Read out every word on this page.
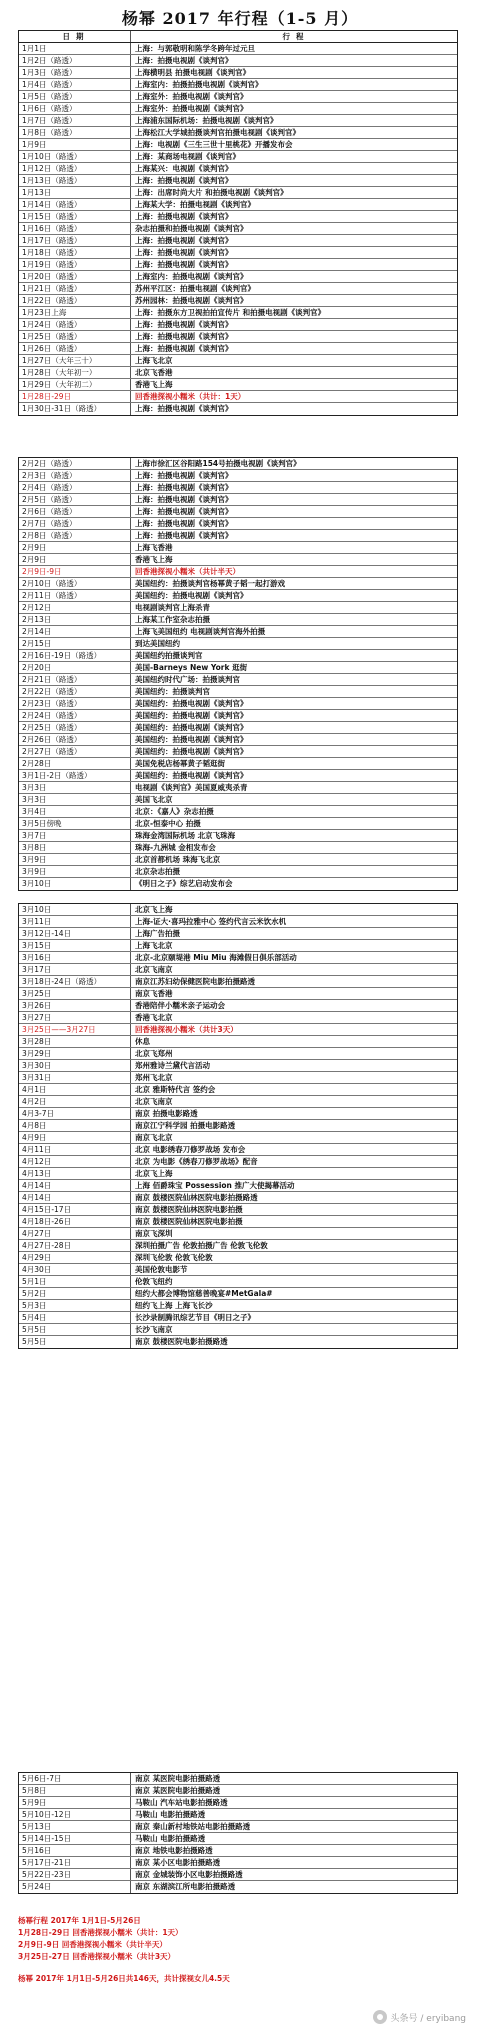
杨幂 2017 年行程（1-5 月）
日期	行程
1月1日	上海：与郭敬明和陈学冬跨年过元旦
1月2日（路透）	上海：拍摄电视剧《谈判官》
1月3日（路透）	上海横明县 拍摄电视剧《谈判官》
1月4日（路透）	上海室内：拍摄拍摄电视剧《谈判官》
1月5日（路透）	上海室外：拍摄电视剧《谈判官》
1月6日（路透）	上海室外：拍摄电视剧《谈判官》
1月7日（路透）	上海浦东国际机场：拍摄电视剧《谈判官》
1月8日（路透）	上海松江大学城拍摄谈判官拍摄电视剧《谈判官》
1月9日	上海：电视剧《三生三世十里桃花》开播发布会
1月10日（路透）	上海：某商场电视剧《谈判官》
1月12日（路透）	上海某兴：电视剧《谈判官》
1月13日（路透）	上海：拍摄电视剧《谈判官》
1月13日	上海：出席时尚大片 和拍摄电视剧《谈判官》
1月14日（路透）	上海某大学：拍摄电视剧《谈判官》
1月15日（路透）	上海：拍摄电视剧《谈判官》
1月16日（路透）	杂志拍摄和拍摄电视剧《谈判官》
1月17日（路透）	上海：拍摄电视剧《谈判官》
1月18日（路透）	上海：拍摄电视剧《谈判官》
1月19日（路透）	上海：拍摄电视剧《谈判官》
1月20日（路透）	上海室内：拍摄电视剧《谈判官》
1月21日（路透）	苏州平江区：拍摄电视剧《谈判官》
1月22日（路透）	苏州园林：拍摄电视剧《谈判官》
1月23日上海	上海：拍摄东方卫视拍拍宣传片 和拍摄电视剧《谈判官》
1月24日（路透）	上海：拍摄电视剧《谈判官》
1月25日（路透）	上海：拍摄电视剧《谈判官》
1月26日（路透）	上海：拍摄电视剧《谈判官》
1月27日（大年三十）	上海飞北京
1月28日（大年初一）	北京飞香港
1月29日（大年初二）	香港飞上海
1月28日-29日	回香港探视小糯米（共计：1天）
1月30日-31日（路透）	上海：拍摄电视剧《谈判官》
2月2日（路透）	上海市徐汇区谷阳路154号拍摄电视剧《谈判官》
2月3日（路透）	上海：拍摄电视剧《谈判官》
2月4日（路透）	上海：拍摄电视剧《谈判官》
2月5日（路透）	上海：拍摄电视剧《谈判官》
2月6日（路透）	上海：拍摄电视剧《谈判官》
2月7日（路透）	上海：拍摄电视剧《谈判官》
2月8日（路透）	上海：拍摄电视剧《谈判官》
2月9日	上海飞香港
2月9日	香港飞上海
2月9日-9日	回香港探视小糯米（共计半天）
2月10日（路透）	美国纽约：拍摄谈判官杨幂黄子韬一起打游戏
2月11日（路透）	美国纽约：拍摄电视剧《谈判官》
2月12日	电视剧谈判官上海杀青
2月13日	上海某工作室杂志拍摄
2月14日	上海飞美国纽约 电视剧谈判官海外拍摄
2月15日	到达美国纽约
2月16日-19日（路透）	美国纽约拍摄谈判官
2月20日	美国-Barneys New York 逛街
2月21日（路透）	美国纽约时代广场：拍摄谈判官
2月22日（路透）	美国纽约：拍摄谈判官
2月23日（路透）	美国纽约：拍摄电视剧《谈判官》
2月24日（路透）	美国纽约：拍摄电视剧《谈判官》
2月25日（路透）	美国纽约：拍摄电视剧《谈判官》
2月26日（路透）	美国纽约：拍摄电视剧《谈判官》
2月27日（路透）	美国纽约：拍摄电视剧《谈判官》
2月28日	美国免税店杨幂黄子韬逛街
3月1日-2日（路透）	美国纽约：拍摄电视剧《谈判官》
3月3日	电视剧《谈判官》美国夏威夷杀青
3月3日	美国飞北京
3月4日	北京：《嘉人》杂志拍摄
3月5日傍晚	北京-恒泰中心 拍摄
3月7日	珠海金湾国际机场 北京飞珠海
3月8日	珠海-九洲城 金相发布会
3月9日	北京首都机场 珠海飞北京
3月9日	北京杂志拍摄
3月10日	《明日之子》综艺启动发布会
3月10日	北京飞上海
3月11日	上海-证大·喜玛拉雅中心 签约代言云米饮水机
3月12日-14日	上海广告拍摄
3月15日	上海飞北京
3月16日	北京-北京颐堤港 Miu Miu 海滩假日俱乐部活动
3月17日	北京飞南京
3月18日-24日（路透）	南京江苏妇幼保健医院电影拍摄路透
3月25日	南京飞香港
3月26日	香港陪伴小糯米亲子运动会
3月27日	香港飞北京
3月25日——3月27日	回香港探视小糯米（共计3天）
3月28日	休息
3月29日	北京飞郑州
3月30日	郑州雅诗兰黛代言活动
3月31日	郑州飞北京
4月1日	北京 雅斯特代言 签约会
4月2日	北京飞南京
4月3-7日	南京 拍摄电影路透
4月8日	南京江宁科学园 拍摄电影路透
4月9日	南京飞北京
4月11日	北京 电影绣春刀修罗战场 发布会
4月12日	北京 为电影《绣春刀修罗战场》配音
4月13日	北京飞上海
4月14日	上海 佰爵珠宝 Possession 推广大使揭幕活动
4月14日	南京 鼓楼医院仙林医院电影拍摄路透
4月15日-17日	南京 鼓楼医院仙林医院电影拍摄
4月18日-26日	南京 鼓楼医院仙林医院电影拍摄
4月27日	南京飞深圳
4月27日-28日	深圳拍摄广告 伦敦拍摄广告 伦敦飞伦敦
4月29日	深圳飞伦敦 伦敦飞伦敦
4月30日	美国伦敦电影节
5月1日	伦敦飞纽约
5月2日	纽约大都会博物馆慈善晚宴#MetGala#
5月3日	纽约飞上海 上海飞长沙
5月4日	长沙录制腾讯综艺节目《明日之子》
5月5日	长沙飞南京
5月5日	南京 鼓楼医院电影拍摄路透
5月6日-7日	南京 某医院电影拍摄路透
5月8日	南京 某医院电影拍摄路透
5月9日	马鞍山 汽车站电影拍摄路透
5月10日-12日	马鞍山 电影拍摄路透
5月13日	南京 秦山新村地铁站电影拍摄路透
5月14日-15日	马鞍山 电影拍摄路透
5月16日	南京 地铁电影拍摄路透
5月17日-21日	南京 某小区电影拍摄路透
5月22日-23日	南京 金城装饰小区电影拍摄路透
5月24日	南京 东湖滨江所电影拍摄路透
杨幂行程 2017年 1月1日-5月26日
1月28日-29日 回香港探视小糯米（共计：1天）
2月9日-9日 回香港探视小糯米（共计半天）
3月25日-27日 回香港探视小糯米（共计3天）
杨幂 2017年 1月1日-5月26日共146天，共计探视女儿4.5天
头条号 / eryibang
